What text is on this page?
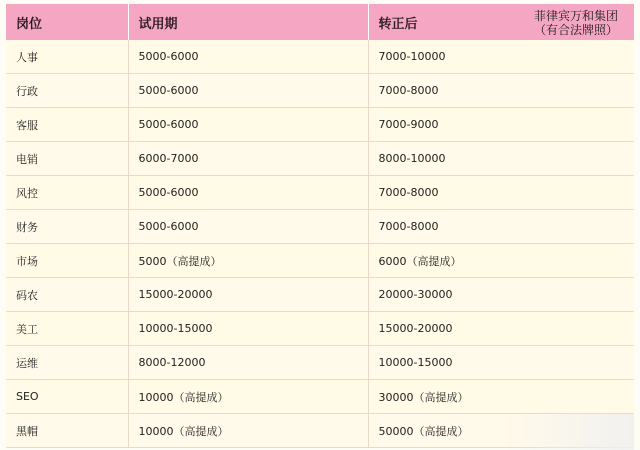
岗位	试用期	转正后
菲律宾万和集团
（有合法牌照）

人事	5000-6000	7000-10000
行政	5000-6000	7000-8000
客服	5000-6000	7000-9000
电销	6000-7000	8000-10000
风控	5000-6000	7000-8000
财务	5000-6000	7000-8000
市场	5000（高提成）	6000（高提成）
码农	15000-20000	20000-30000
美工	10000-15000	15000-20000
运维	8000-12000	10000-15000
SEO	10000（高提成）	30000（高提成）
黑帽	10000（高提成）	50000（高提成）
